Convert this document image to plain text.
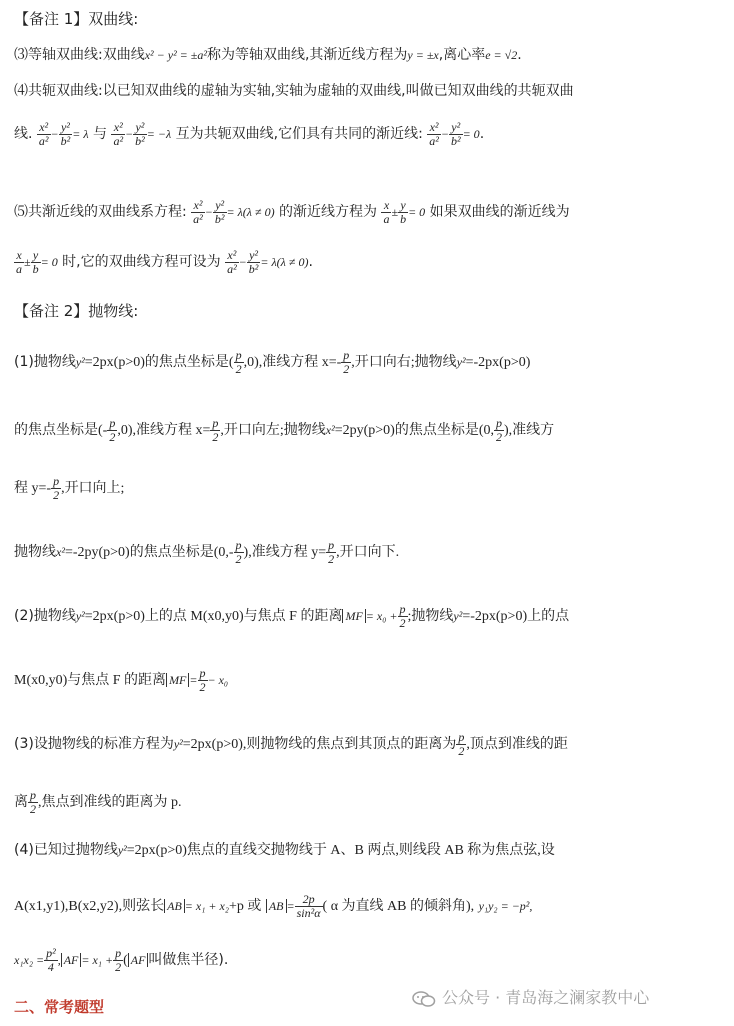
【备注 1】双曲线:
⑶等轴双曲线:双曲线x² − y² = ±a²称为等轴双曲线,其渐近线方程为y = ±x,离心率e = √2.
⑷共轭双曲线:以已知双曲线的虚轴为实轴,实轴为虚轴的双曲线,叫做已知双曲线的共轭双曲
线. $\frac{\text{x²}}{\text{a²}} - \frac{\text{y²}}{\text{b²}} = \lambda$ 与 $\frac{\text{x²}}{\text{a²}} - \frac{\text{y²}}{\text{b²}} = -\lambda$ 互为共轭双曲线,它们具有共同的渐近线: $\frac{\text{x²}}{\text{a²}} - \frac{\text{y²}}{\text{b²}} = 0$.
⑸共渐近线的双曲线系方程: $\frac{\text{x²}}{\text{a²}} - \frac{\text{y²}}{\text{b²}} = \lambda(\lambda \ne 0)$ 的渐近线方程为 $\frac{x}{a} \pm \frac{y}{b} = 0$ 如果双曲线的渐近线为
$\frac{x}{a} \pm \frac{y}{b} = 0$ 时,它的双曲线方程可设为 $\frac{\text{x²}}{\text{a²}} - \frac{\text{y²}}{\text{b²}} = \lambda(\lambda \ne 0)$.
【备注 2】抛物线:
(1)抛物线y²=2px(p>0)的焦点坐标是( $\frac{p}{2} ,0$),准线方程 $x=- \frac{p}{2}$ ,开口向右;抛物线y²=-2px(p>0)
的焦点坐标是(- $\frac{p}{2} ,0$),准线方程 $x= \frac{p}{2}$ ,开口向左;抛物线x²=2py(p>0)的焦点坐标是(0, $\frac{p}{2}$ ),准线方
程 $y=- \frac{p}{2}$ ,开口向上;
抛物线x²=-2py(p>0)的焦点坐标是($0,- \frac{p}{2}$ ),准线方程 $y= \frac{p}{2}$ ,开口向下.
(2)抛物线y²=2px(p>0)上的点 M(x0,y0)与焦点 F 的距离 MF = $x_0 + \frac{p}{2}$ ;抛物线y²=-2px(p>0)上的点
M(x0,y0)与焦点 F 的距离 MF = $\frac{p}{2} - x_0$
(3)设抛物线的标准方程为y²=2px(p>0),则抛物线的焦点到其顶点的距离为 $\frac{p}{2}$ ,顶点到准线的距
离 $\frac{p}{2}$ ,焦点到准线的距离为 p.
(4)已知过抛物线y²=2px(p>0)焦点的直线交抛物线于 A、B 两点,则线段 AB 称为焦点弦,设
A(x1,y1),B(x2,y2),则弦长 AB = x₁ + x₂+p 或 AB = $\frac{2p}{\text{sin²α}}$ ( α 为直线 AB 的倾斜角), y₁y₂ = −p²,
$x_1x_2 = \frac{\text{p²}}{4}$ , AF = $x_1 + \frac{p}{2}$ ( AF 叫做焦半径).
二、常考题型	公众号 · 青岛海之澜家教中心
